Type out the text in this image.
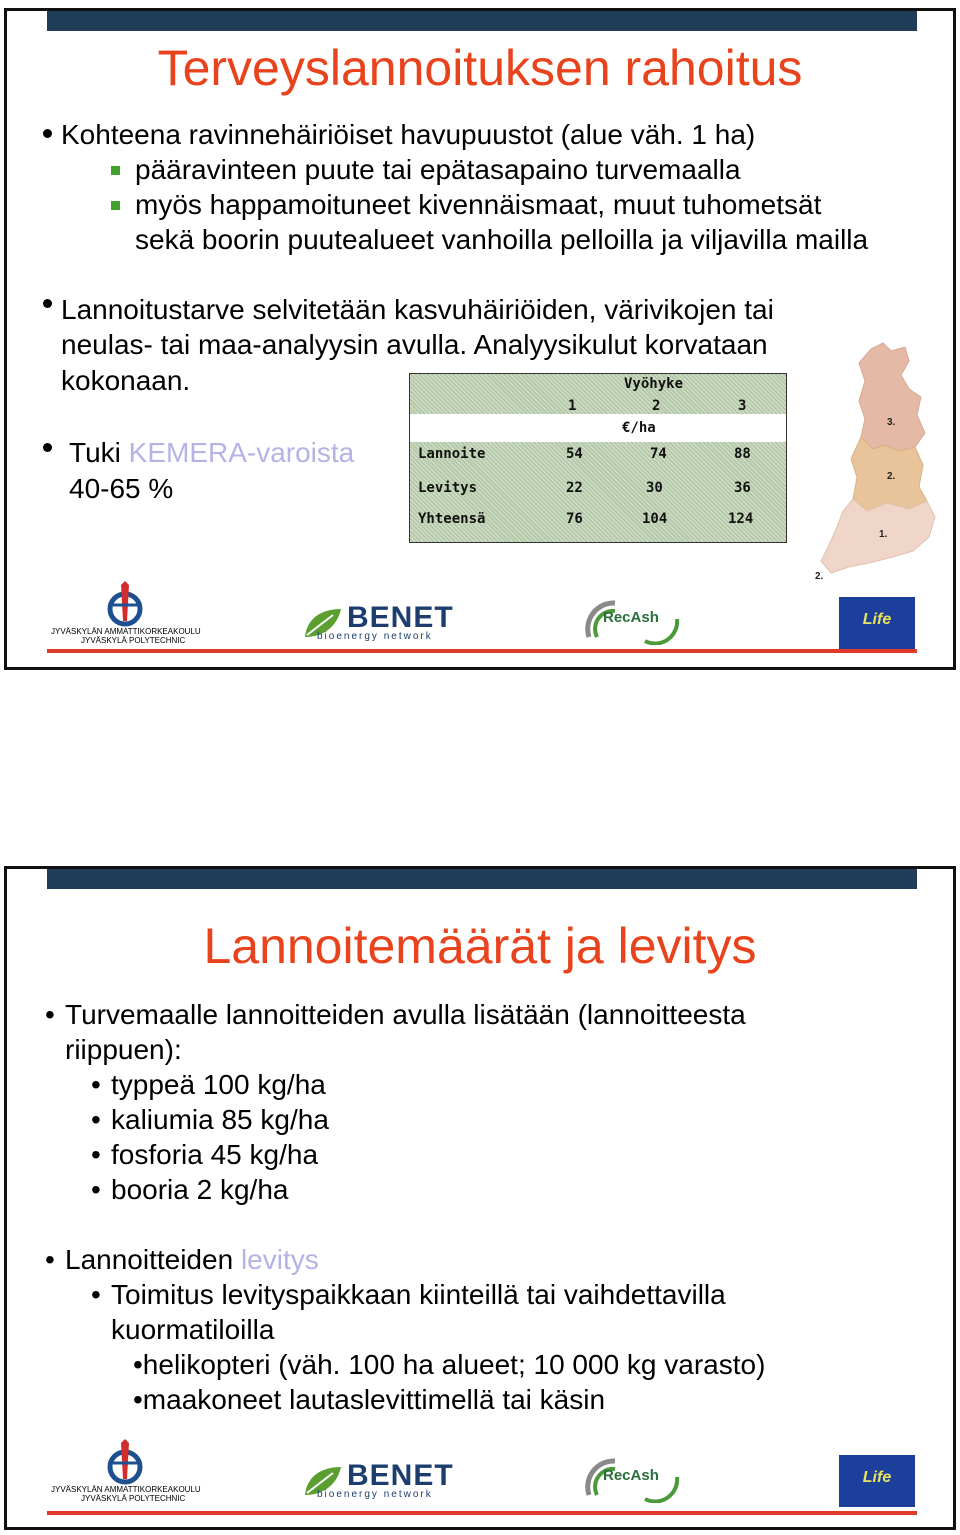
Terveyslannoituksen rahoitus
Kohteena ravinnehäiriöiset havupuustot (alue väh. 1 ha)
pääravinteen puute tai epätasapaino turvemaalla
myös happamoituneet kivennäismaat, muut tuhometsät
sekä boorin puutealueet vanhoilla pelloilla ja viljavilla mailla
Lannoitustarve selvitetään kasvuhäiriöiden, värivikojen tai
neulas- tai maa-analyysin avulla. Analyysikulut korvataan
kokonaan.
Tuki KEMERA-varoista
40-65 %
Vyöhyke
1	2	3
€/ha
Lannoite	54	74	88
Levitys	22	30	36
Yhteensä	76	104	124
3.
2.
1.
2.
JYVÄSKYLÄN AMMATTIKORKEAKOULU
JYVÄSKYLÄ POLYTECHNIC
BENET
bioenergy network
RecAsh	Life
Lannoitemäärät ja levitys
• Turvemaalle lannoitteiden avulla lisätään (lannoitteesta
riippuen):
• typpeä 100 kg/ha
• kaliumia 85 kg/ha
• fosforia 45 kg/ha
• booria 2 kg/ha
• Lannoitteiden levitys
• Toimitus levityspaikkaan kiinteillä tai vaihdettavilla
kuormatiloilla
•helikopteri (väh. 100 ha alueet; 10 000 kg varasto)
•maakoneet lautaslevittimellä tai käsin
JYVÄSKYLÄN AMMATTIKORKEAKOULU
JYVÄSKYLÄ POLYTECHNIC
BENET
bioenergy network
RecAsh	Life
